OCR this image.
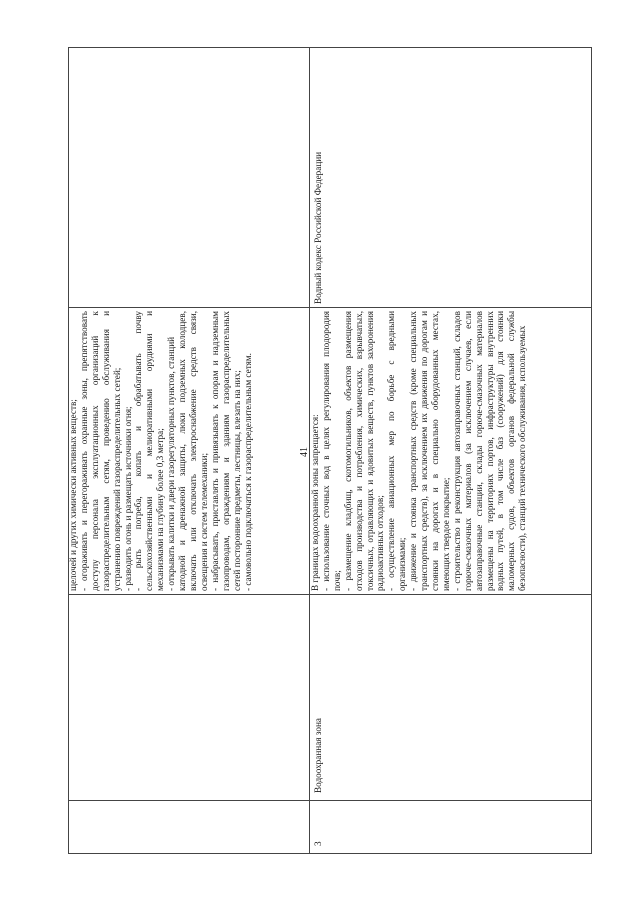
41
щелочей и других химически активных веществ; - огораживать и перегораживать охранные зоны, препятствовать доступу персонала эксплуатационных организаций к газораспределительным сетям, проведению обслуживания и устранению повреждений газораспределительных сетей; - разводить огонь и размещать источники огня; - рыть погреба, копать и обрабатывать почву сельскохозяйственными и мелиоративными орудиями и механизмами на глубину более 0,3 метра; - открывать калитки и двери газорегуляторных пунктов, станций катодной и дренажной защиты, люки подземных колодцев, включать или отключать электроснабжение средств связи, освещения и систем телемеханики; - набрасывать, приставлять и привязывать к опорам и надземным газопроводам, ограждениям и зданиям газораспределительных сетей посторонние предметы, лестницы, влезать на них; - самовольно подключаться к газораспределительным сетям.
3
Водоохранная зона
В границах водоохранной зоны запрещается: - использование сточных вод в целях регулирования плодородия почв; - размещение кладбищ, скотомогильников, объектов размещения отходов производства и потребления, химических, взрывчатых, токсичных, отравляющих и ядовитых веществ, пунктов захоронения радиоактивных отходов; - осуществление авиационных мер по борьбе с вредными организмами; - движение и стоянка транспортных средств (кроме специальных транспортных средств), за исключением их движения по дорогам и стоянки на дорогах и в специально оборудованных местах, имеющих твердое покрытие; - строительство и реконструкция автозаправочных станций, складов горюче-смазочных материалов (за исключением случаев, если автозаправочные станции, склады горюче-смазочных материалов размещены на территориях портов, инфраструктуры внутренних водных путей, в том числе баз (сооружений) для стоянки маломерных судов, объектов органов федеральной службы безопасности), станций технического обслуживания, используемых
Водный кодекс Российской Федерации
